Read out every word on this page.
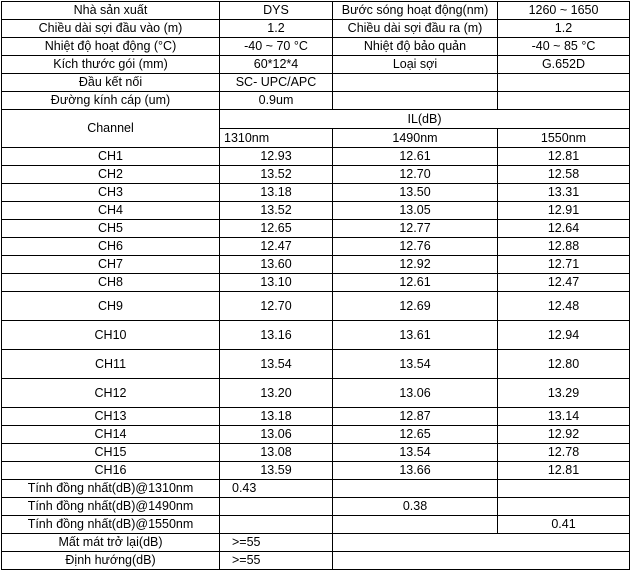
Nhà sản xuất	DYS	Bước sóng hoạt động(nm)	1260 ~ 1650
Chiều dài sợi đầu vào (m)	1.2	Chiều dài sợi đầu ra (m)	1.2
Nhiệt độ hoạt động (°C)	-40 ~ 70 °C	Nhiệt độ bảo quản	-40 ~ 85 °C
Kích thước gói (mm)	60*12*4	Loại sợi	G.652D
Đầu kết nối	SC- UPC/APC		
Đường kính cáp (um)	0.9um		
Channel	IL(dB)		
	1310nm	1490nm	1550nm
CH1	12.93	12.61	12.81
CH2	13.52	12.70	12.58
CH3	13.18	13.50	13.31
CH4	13.52	13.05	12.91
CH5	12.65	12.77	12.64
CH6	12.47	12.76	12.88
CH7	13.60	12.92	12.71
CH8	13.10	12.61	12.47
CH9	12.70	12.69	12.48
CH10	13.16	13.61	12.94
CH11	13.54	13.54	12.80
CH12	13.20	13.06	13.29
CH13	13.18	12.87	13.14
CH14	13.06	12.65	12.92
CH15	13.08	13.54	12.78
CH16	13.59	13.66	12.81
Tính đồng nhất(dB)@1310nm	0.43		
Tính đồng nhất(dB)@1490nm		0.38	
Tính đồng nhất(dB)@1550nm			0.41
Mất mát trở lại(dB)	>=55		
Định hướng(dB)	>=55		
